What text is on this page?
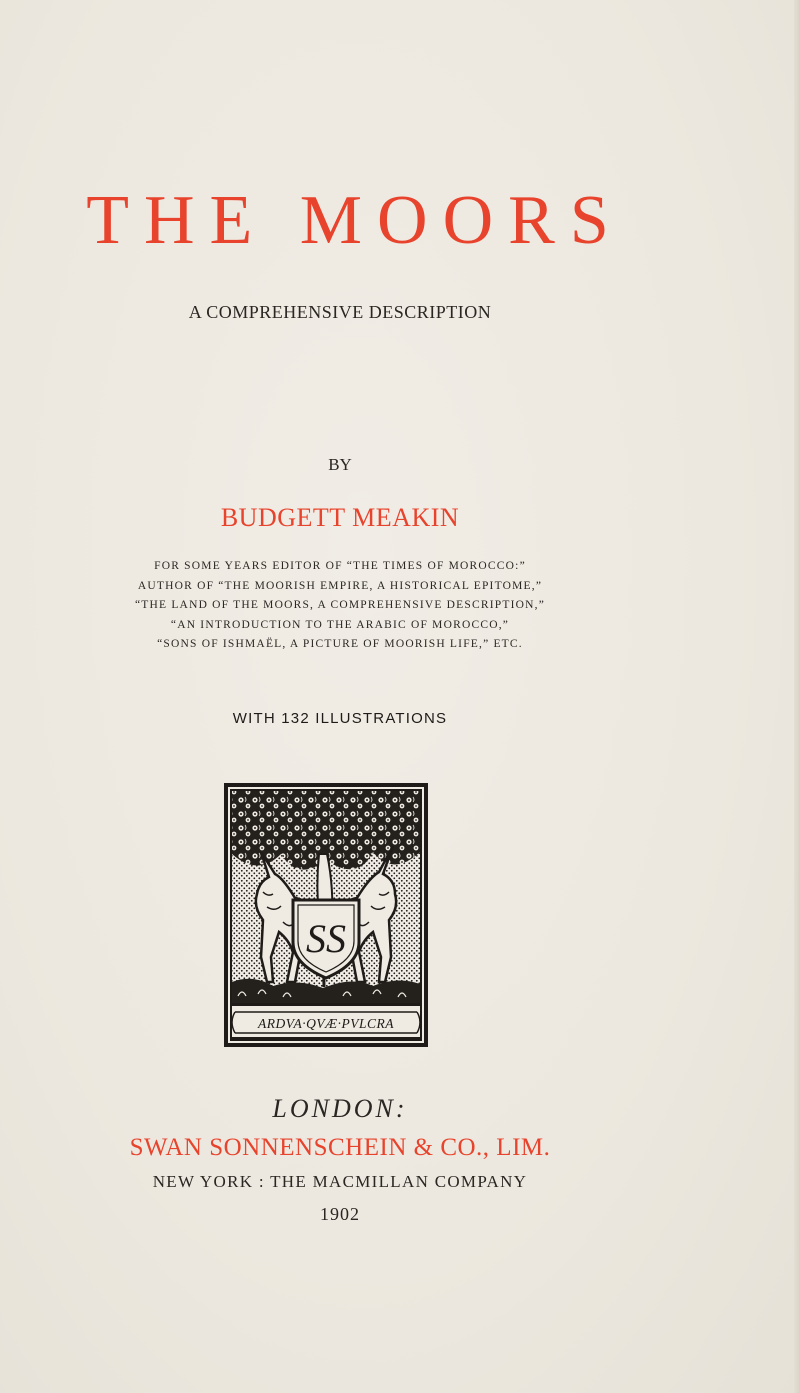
THE MOORS
A COMPREHENSIVE DESCRIPTION
BY
BUDGETT MEAKIN
FOR SOME YEARS EDITOR OF “THE TIMES OF MOROCCO:”
AUTHOR OF “THE MOORISH EMPIRE, A HISTORICAL EPITOME,”
“THE LAND OF THE MOORS, A COMPREHENSIVE DESCRIPTION,”
“AN INTRODUCTION TO THE ARABIC OF MOROCCO,”
“SONS OF ISHMAËL, A PICTURE OF MOORISH LIFE,” ETC.
WITH 132 ILLUSTRATIONS
SS
ARDVA·QVÆ·PVLCRA
LONDON:
SWAN SONNENSCHEIN & CO., LIM.
NEW YORK : THE MACMILLAN COMPANY
1902
